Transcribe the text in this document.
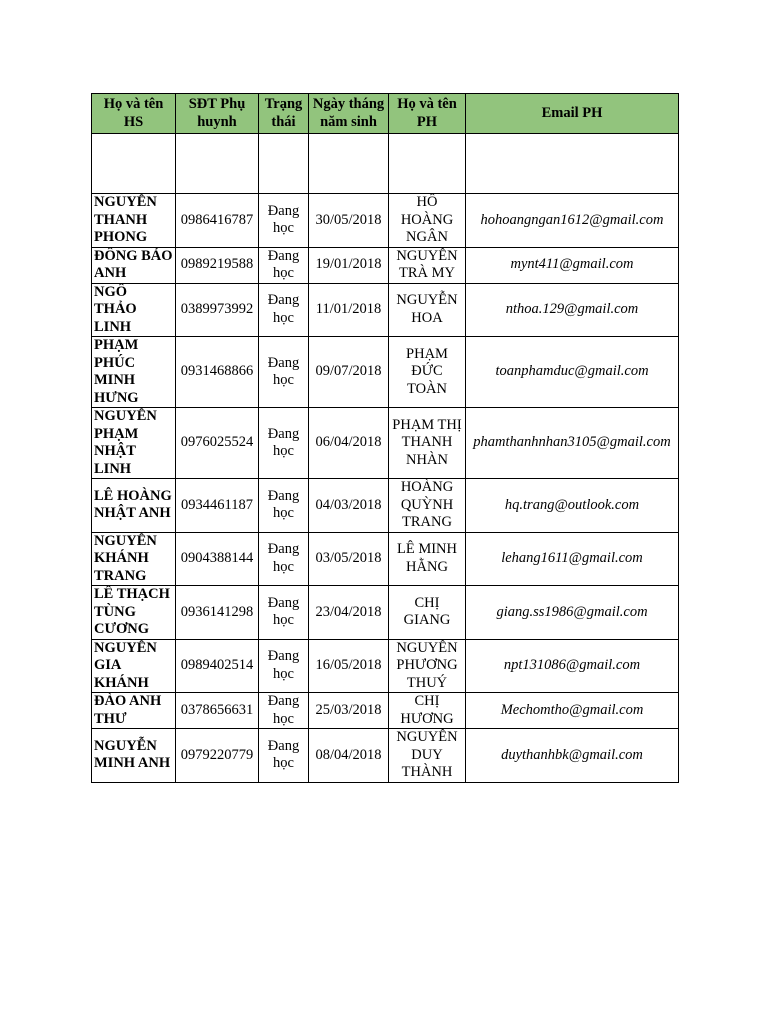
Họ và tên HS	SĐT Phụ huynh	Trạng thái	Ngày tháng năm sinh	Họ và tên PH	Email PH

NGUYỄN THANH PHONG	0986416787	Đang học	30/05/2018	HỒ HOÀNG NGÂN	hohoangngan1612@gmail.com
ĐÔNG BẢO ANH	0989219588	Đang học	19/01/2018	NGUYỄN TRÀ MY	mynt411@gmail.com
NGÔ THẢO LINH	0389973992	Đang học	11/01/2018	NGUYỄN HOA	nthoa.129@gmail.com
PHẠM PHÚC MINH HƯNG	0931468866	Đang học	09/07/2018	PHẠM ĐỨC TOÀN	toanphamduc@gmail.com
NGUYỄN PHẠM NHẬT LINH	0976025524	Đang học	06/04/2018	PHẠM THỊ THANH NHÀN	phamthanhnhan3105@gmail.com
LÊ HOÀNG NHẬT ANH	0934461187	Đang học	04/03/2018	HOÀNG QUỲNH TRANG	hq.trang@outlook.com
NGUYỄN KHÁNH TRANG	0904388144	Đang học	03/05/2018	LÊ MINH HẰNG	lehang1611@gmail.com
LÊ THẠCH TÙNG CƯƠNG	0936141298	Đang học	23/04/2018	CHỊ GIANG	giang.ss1986@gmail.com
NGUYỄN GIA KHÁNH	0989402514	Đang học	16/05/2018	NGUYỄN PHƯƠNG THUÝ	npt131086@gmail.com
ĐÀO ANH THƯ	0378656631	Đang học	25/03/2018	CHỊ HƯƠNG	Mechomtho@gmail.com
NGUYỄN MINH ANH	0979220779	Đang học	08/04/2018	NGUYỄN DUY THÀNH	duythanhbk@gmail.com
